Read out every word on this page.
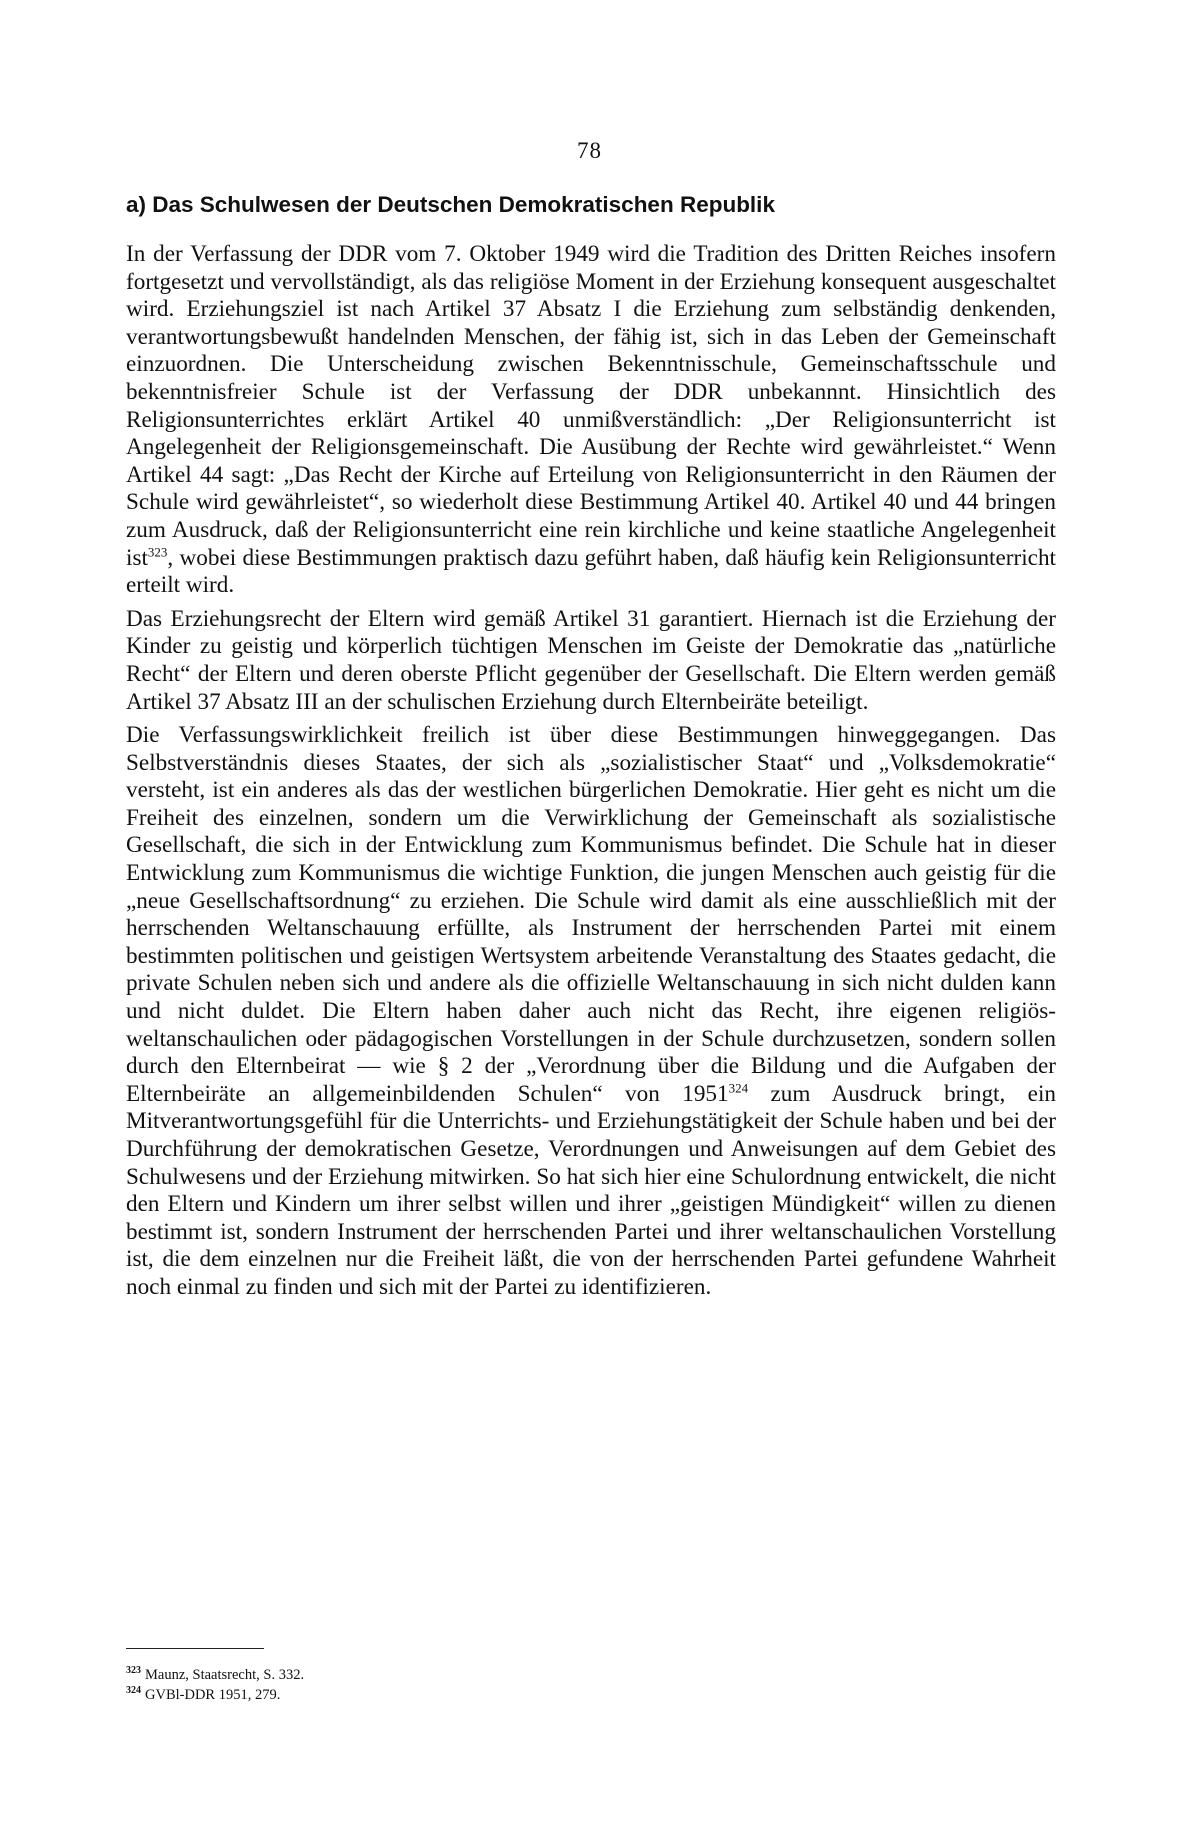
78
a) Das Schulwesen der Deutschen Demokratischen Republik

In der Verfassung der DDR vom 7. Oktober 1949 wird die Tradition des Dritten Reiches insofern fortgesetzt und vervollständigt, als das religiöse Moment in der Erziehung konsequent ausgeschaltet wird. Erziehungsziel ist nach Artikel 37 Absatz I die Erziehung zum selbständig denkenden, verantwortungsbewußt handelnden Menschen, der fähig ist, sich in das Leben der Gemeinschaft einzuordnen. Die Unterscheidung zwischen Bekenntnisschule, Gemeinschaftsschule und bekenntnisfreier Schule ist der Verfassung der DDR unbekannnt. Hinsichtlich des Religionsunterrichtes erklärt Artikel 40 unmißverständlich: „Der Religionsunterricht ist Angelegenheit der Religionsgemeinschaft. Die Ausübung der Rechte wird gewährleistet.“ Wenn Artikel 44 sagt: „Das Recht der Kirche auf Erteilung von Religionsunterricht in den Räumen der Schule wird gewährleistet“, so wiederholt diese Bestimmung Artikel 40. Artikel 40 und 44 bringen zum Ausdruck, daß der Religionsunterricht eine rein kirchliche und keine staatliche Angelegenheit ist$^{323}$, wobei diese Bestimmungen praktisch dazu geführt haben, daß häufig kein Religionsunterricht erteilt wird.

Das Erziehungsrecht der Eltern wird gemäß Artikel 31 garantiert. Hiernach ist die Erziehung der Kinder zu geistig und körperlich tüchtigen Menschen im Geiste der Demokratie das „natürliche Recht“ der Eltern und deren oberste Pflicht gegenüber der Gesellschaft. Die Eltern werden gemäß Artikel 37 Absatz III an der schulischen Erziehung durch Elternbeiräte beteiligt.

Die Verfassungswirklichkeit freilich ist über diese Bestimmungen hinweggegangen. Das Selbstverständnis dieses Staates, der sich als „sozialistischer Staat“ und „Volksdemokratie“ versteht, ist ein anderes als das der westlichen bürgerlichen Demokratie. Hier geht es nicht um die Freiheit des einzelnen, sondern um die Verwirklichung der Gemeinschaft als sozialistische Gesellschaft, die sich in der Entwicklung zum Kommunismus befindet. Die Schule hat in dieser Entwicklung zum Kommunismus die wichtige Funktion, die jungen Menschen auch geistig für die „neue Gesellschaftsordnung“ zu erziehen. Die Schule wird damit als eine ausschließlich mit der herrschenden Weltanschauung erfüllte, als Instrument der herrschenden Partei mit einem bestimmten politischen und geistigen Wertsystem arbeitende Veranstaltung des Staates gedacht, die private Schulen neben sich und andere als die offizielle Weltanschauung in sich nicht dulden kann und nicht duldet. Die Eltern haben daher auch nicht das Recht, ihre eigenen religiösweltanschaulichen oder pädagogischen Vorstellungen in der Schule durchzusetzen, sondern sollen durch den Elternbeirat — wie § 2 der „Verordnung über die Bildung und die Aufgaben der Elternbeiräte an allgemeinbildenden Schulen“ von 1951$^{324}$ zum Ausdruck bringt, ein Mitverantwortungsgefühl für die Unterrichts- und Erziehungstätigkeit der Schule haben und bei der Durchführung der demokratischen Gesetze, Verordnungen und Anweisungen auf dem Gebiet des Schulwesens und der Erziehung mitwirken. So hat sich hier eine Schulordnung entwickelt, die nicht den Eltern und Kindern um ihrer selbst willen und ihrer „geistigen Mündigkeit“ willen zu dienen bestimmt ist, sondern Instrument der herrschenden Partei und ihrer weltanschaulichen Vorstellung ist, die dem einzelnen nur die Freiheit läßt, die von der herrschenden Partei gefundene Wahrheit noch einmal zu finden und sich mit der Partei zu identifizieren.

$^{323}$ Maunz, Staatsrecht, S. 332.

$^{324}$ GVBl-DDR 1951, 279.
